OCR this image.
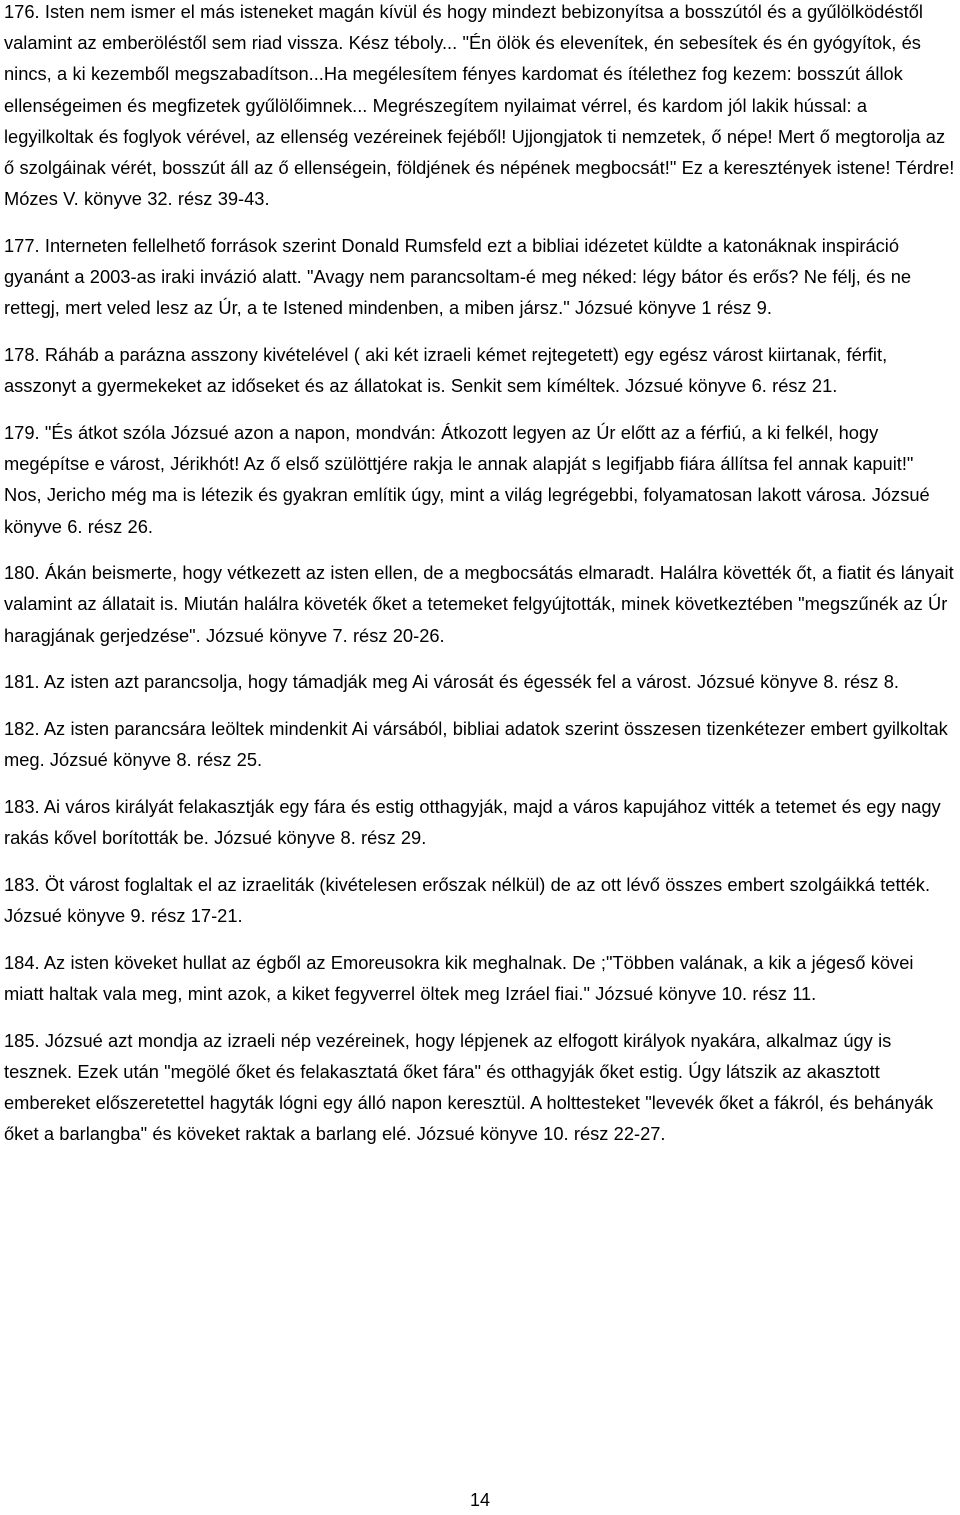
176. Isten nem ismer el más isteneket magán kívül és hogy mindezt bebizonyítsa a bosszútól és a gyűlölködéstől valamint az emberöléstől sem riad vissza. Kész téboly... "Én ölök és elevenítek, én sebesítek és én gyógyítok, és nincs, a ki kezemből megszabadítson...Ha megélesítem fényes kardomat és ítélethez fog kezem: bosszút állok ellenségeimen és megfizetek gyűlölőimnek... Megrészegítem nyilaimat vérrel, és kardom jól lakik hússal: a legyilkoltak és foglyok vérével, az ellenség vezéreinek fejéből! Ujjongjatok ti nemzetek, ő népe! Mert ő megtorolja az ő szolgáinak vérét, bosszút áll az ő ellenségein, földjének és népének megbocsát!" Ez a keresztények istene! Térdre! Mózes V. könyve 32. rész 39-43.

177. Interneten fellelhető források szerint Donald Rumsfeld ezt a bibliai idézetet küldte a katonáknak inspiráció gyanánt a 2003-as iraki invázió alatt. "Avagy nem parancsoltam-é meg néked: légy bátor és erős? Ne félj, és ne rettegj, mert veled lesz az Úr, a te Istened mindenben, a miben jársz." Józsué könyve 1 rész 9.

178. Ráháb a parázna asszony kivételével ( aki két izraeli kémet rejtegetett) egy egész várost kiirtanak, férfit, asszonyt a gyermekeket az időseket és az állatokat is. Senkit sem kíméltek. Józsué könyve 6. rész 21.

179. "És átkot szóla Józsué azon a napon, mondván: Átkozott legyen az Úr előtt az a férfiú, a ki felkél, hogy megépítse e várost, Jérikhót! Az ő első szülöttjére rakja le annak alapját s legifjabb fiára állítsa fel annak kapuit!" Nos, Jericho még ma is létezik és gyakran említik úgy, mint a világ legrégebbi, folyamatosan lakott városa. Józsué könyve 6. rész 26.

180. Ákán beismerte, hogy vétkezett az isten ellen, de a megbocsátás elmaradt. Halálra követték őt, a fiatit és lányait valamint az állatait is. Miután halálra követék őket a tetemeket felgyújtották, minek következtében "megszűnék az Úr haragjának gerjedzése". Józsué könyve 7. rész 20-26.

181. Az isten azt parancsolja, hogy támadják meg Ai városát és égessék fel a várost. Józsué könyve 8. rész 8.

182. Az isten parancsára leöltek mindenkit Ai vársából, bibliai adatok szerint összesen tizenkétezer embert gyilkoltak meg. Józsué könyve 8. rész 25.

183. Ai város királyát felakasztják egy fára és estig otthagyják, majd a város kapujához vitték a tetemet és egy nagy rakás kővel borították be. Józsué könyve 8. rész 29.

183. Öt várost foglaltak el az izraeliták (kivételesen erőszak nélkül) de az ott lévő összes embert szolgáikká tették. Józsué könyve 9. rész 17-21.

184. Az isten köveket hullat az égből az Emoreusokra kik meghalnak. De ;"Többen valának, a kik a jégeső kövei miatt haltak vala meg, mint azok, a kiket fegyverrel öltek meg Izráel fiai." Józsué könyve 10. rész 11.

185. Józsué azt mondja az izraeli nép vezéreinek, hogy lépjenek az elfogott királyok nyakára, alkalmaz úgy is tesznek. Ezek után "megölé őket és felakasztatá őket fára" és otthagyják őket estig. Úgy látszik az akasztott embereket előszeretettel hagyták lógni egy álló napon keresztül. A holttesteket "levevék őket a fákról, és behányák őket a barlangba" és köveket raktak a barlang elé. Józsué könyve 10. rész 22-27.

14
